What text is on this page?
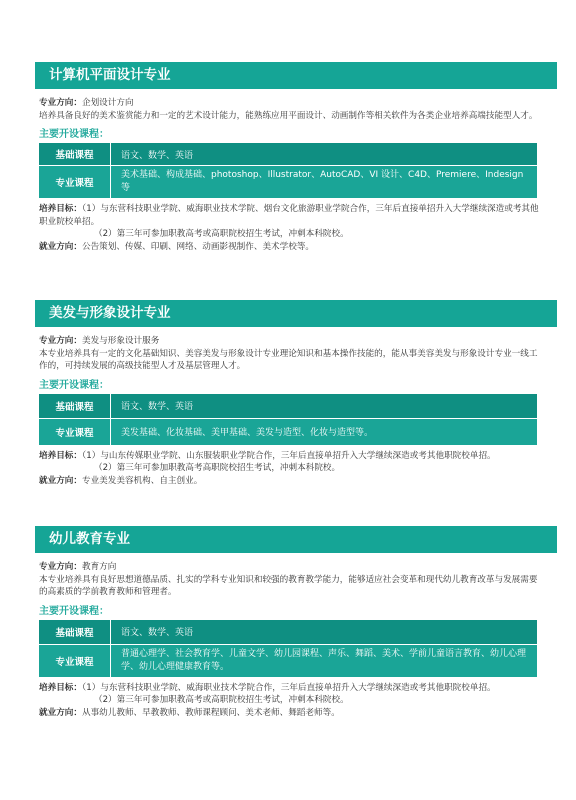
计算机平面设计专业

专业方向：企划设计方向

培养具备良好的美术鉴赏能力和一定的艺术设计能力，能熟练应用平面设计、动画制作等相关软件为各类企业培养高端技能型人才。

主要开设课程：
基础课程	语文、数学、英语
专业课程	美术基础、构成基础、photoshop、Illustrator、AutoCAD、VI 设计、C4D、Premiere、Indesign 等

培养目标：（1）与东营科技职业学院、威海职业技术学院、烟台文化旅游职业学院合作，三年后直接单招升入大学继续深造或考其他职业院校单招。

（2）第三年可参加职教高考或高职院校招生考试，冲刺本科院校。

就业方向：公告策划、传媒、印刷、网络、动画影视制作、美术学校等。

美发与形象设计专业

专业方向：美发与形象设计服务

本专业培养具有一定的文化基础知识、美容美发与形象设计专业理论知识和基本操作技能的，能从事美容美发与形象设计专业一线工作的，可持续发展的高级技能型人才及基层管理人才。

主要开设课程：
基础课程	语文、数学、英语
专业课程	美发基础、化妆基础、美甲基础、美发与造型、化妆与造型等。

培养目标：（1）与山东传媒职业学院、山东服装职业学院合作，三年后直接单招升入大学继续深造或考其他职院校单招。

（2）第三年可参加职教高考高职院校招生考试，冲刺本科院校。

就业方向：专业美发美容机构、自主创业。

幼儿教育专业

专业方向：教育方向

本专业培养具有良好思想道德品质、扎实的学科专业知识和较强的教育教学能力，能够适应社会变革和现代幼儿教育改革与发展需要的高素质的学前教育教师和管理者。

主要开设课程：
基础课程	语文、数学、英语
专业课程	普通心理学、社会教育学、儿童文学、幼儿园课程、声乐、舞蹈、美术、学前儿童语言教育、幼儿心理学、幼儿心理健康教育等。

培养目标：（1）与东营科技职业学院、威海职业技术学院合作，三年后直接单招升入大学继续深造或考其他职院校单招。

（2）第三年可参加职教高考或高职院校招生考试，冲刺本科院校。

就业方向：从事幼儿教师、早教教师、教师课程顾问、美术老师、舞蹈老师等。
